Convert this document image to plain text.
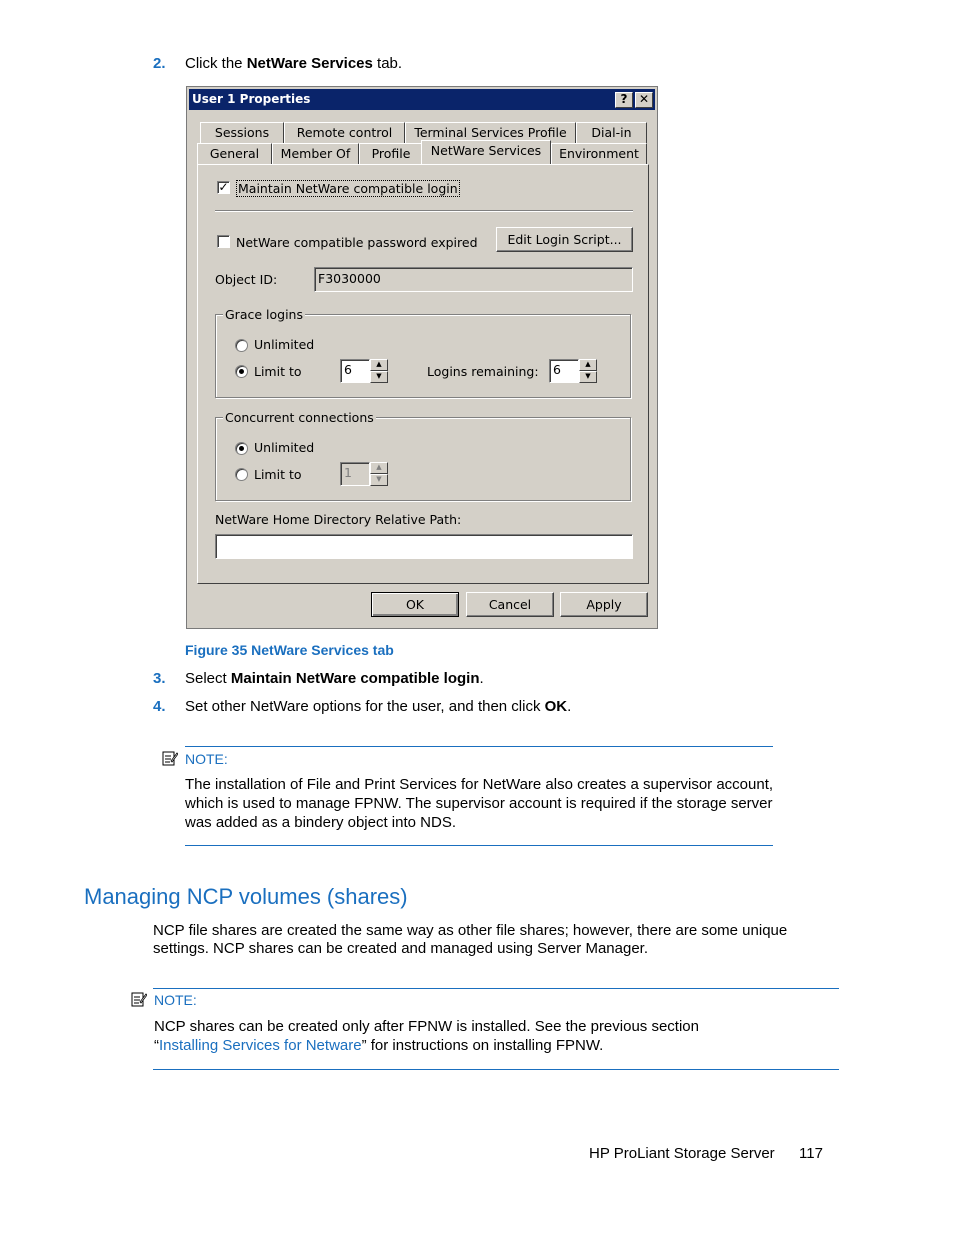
2. Click the NetWare Services tab.
User 1 Properties	? ✕
Sessions	Remote control	Terminal Services Profile	Dial-in
General	Member Of	Profile	NetWare Services	Environment
✓ Maintain NetWare compatible login
NetWare compatible password expired	Edit Login Script...
Object ID:	F3030000
Grace logins
Unlimited
Limit to	6	▲
▼	Logins remaining:	6	▲
▼
Concurrent connections
Unlimited
Limit to	1	▲
▼
NetWare Home Directory Relative Path:
OK	Cancel	Apply
Figure 35 NetWare Services tab
3. Select Maintain NetWare compatible login.
4. Set other NetWare options for the user, and then click OK.
NOTE:
The installation of File and Print Services for NetWare also creates a supervisor account,
which is used to manage FPNW. The supervisor account is required if the storage server
was added as a bindery object into NDS.
Managing NCP volumes (shares)
NCP file shares are created the same way as other file shares; however, there are some unique
settings. NCP shares can be created and managed using Server Manager.
NOTE:
NCP shares can be created only after FPNW is installed. See the previous section
“Installing Services for Netware” for instructions on installing FPNW.
HP ProLiant Storage Server 117
